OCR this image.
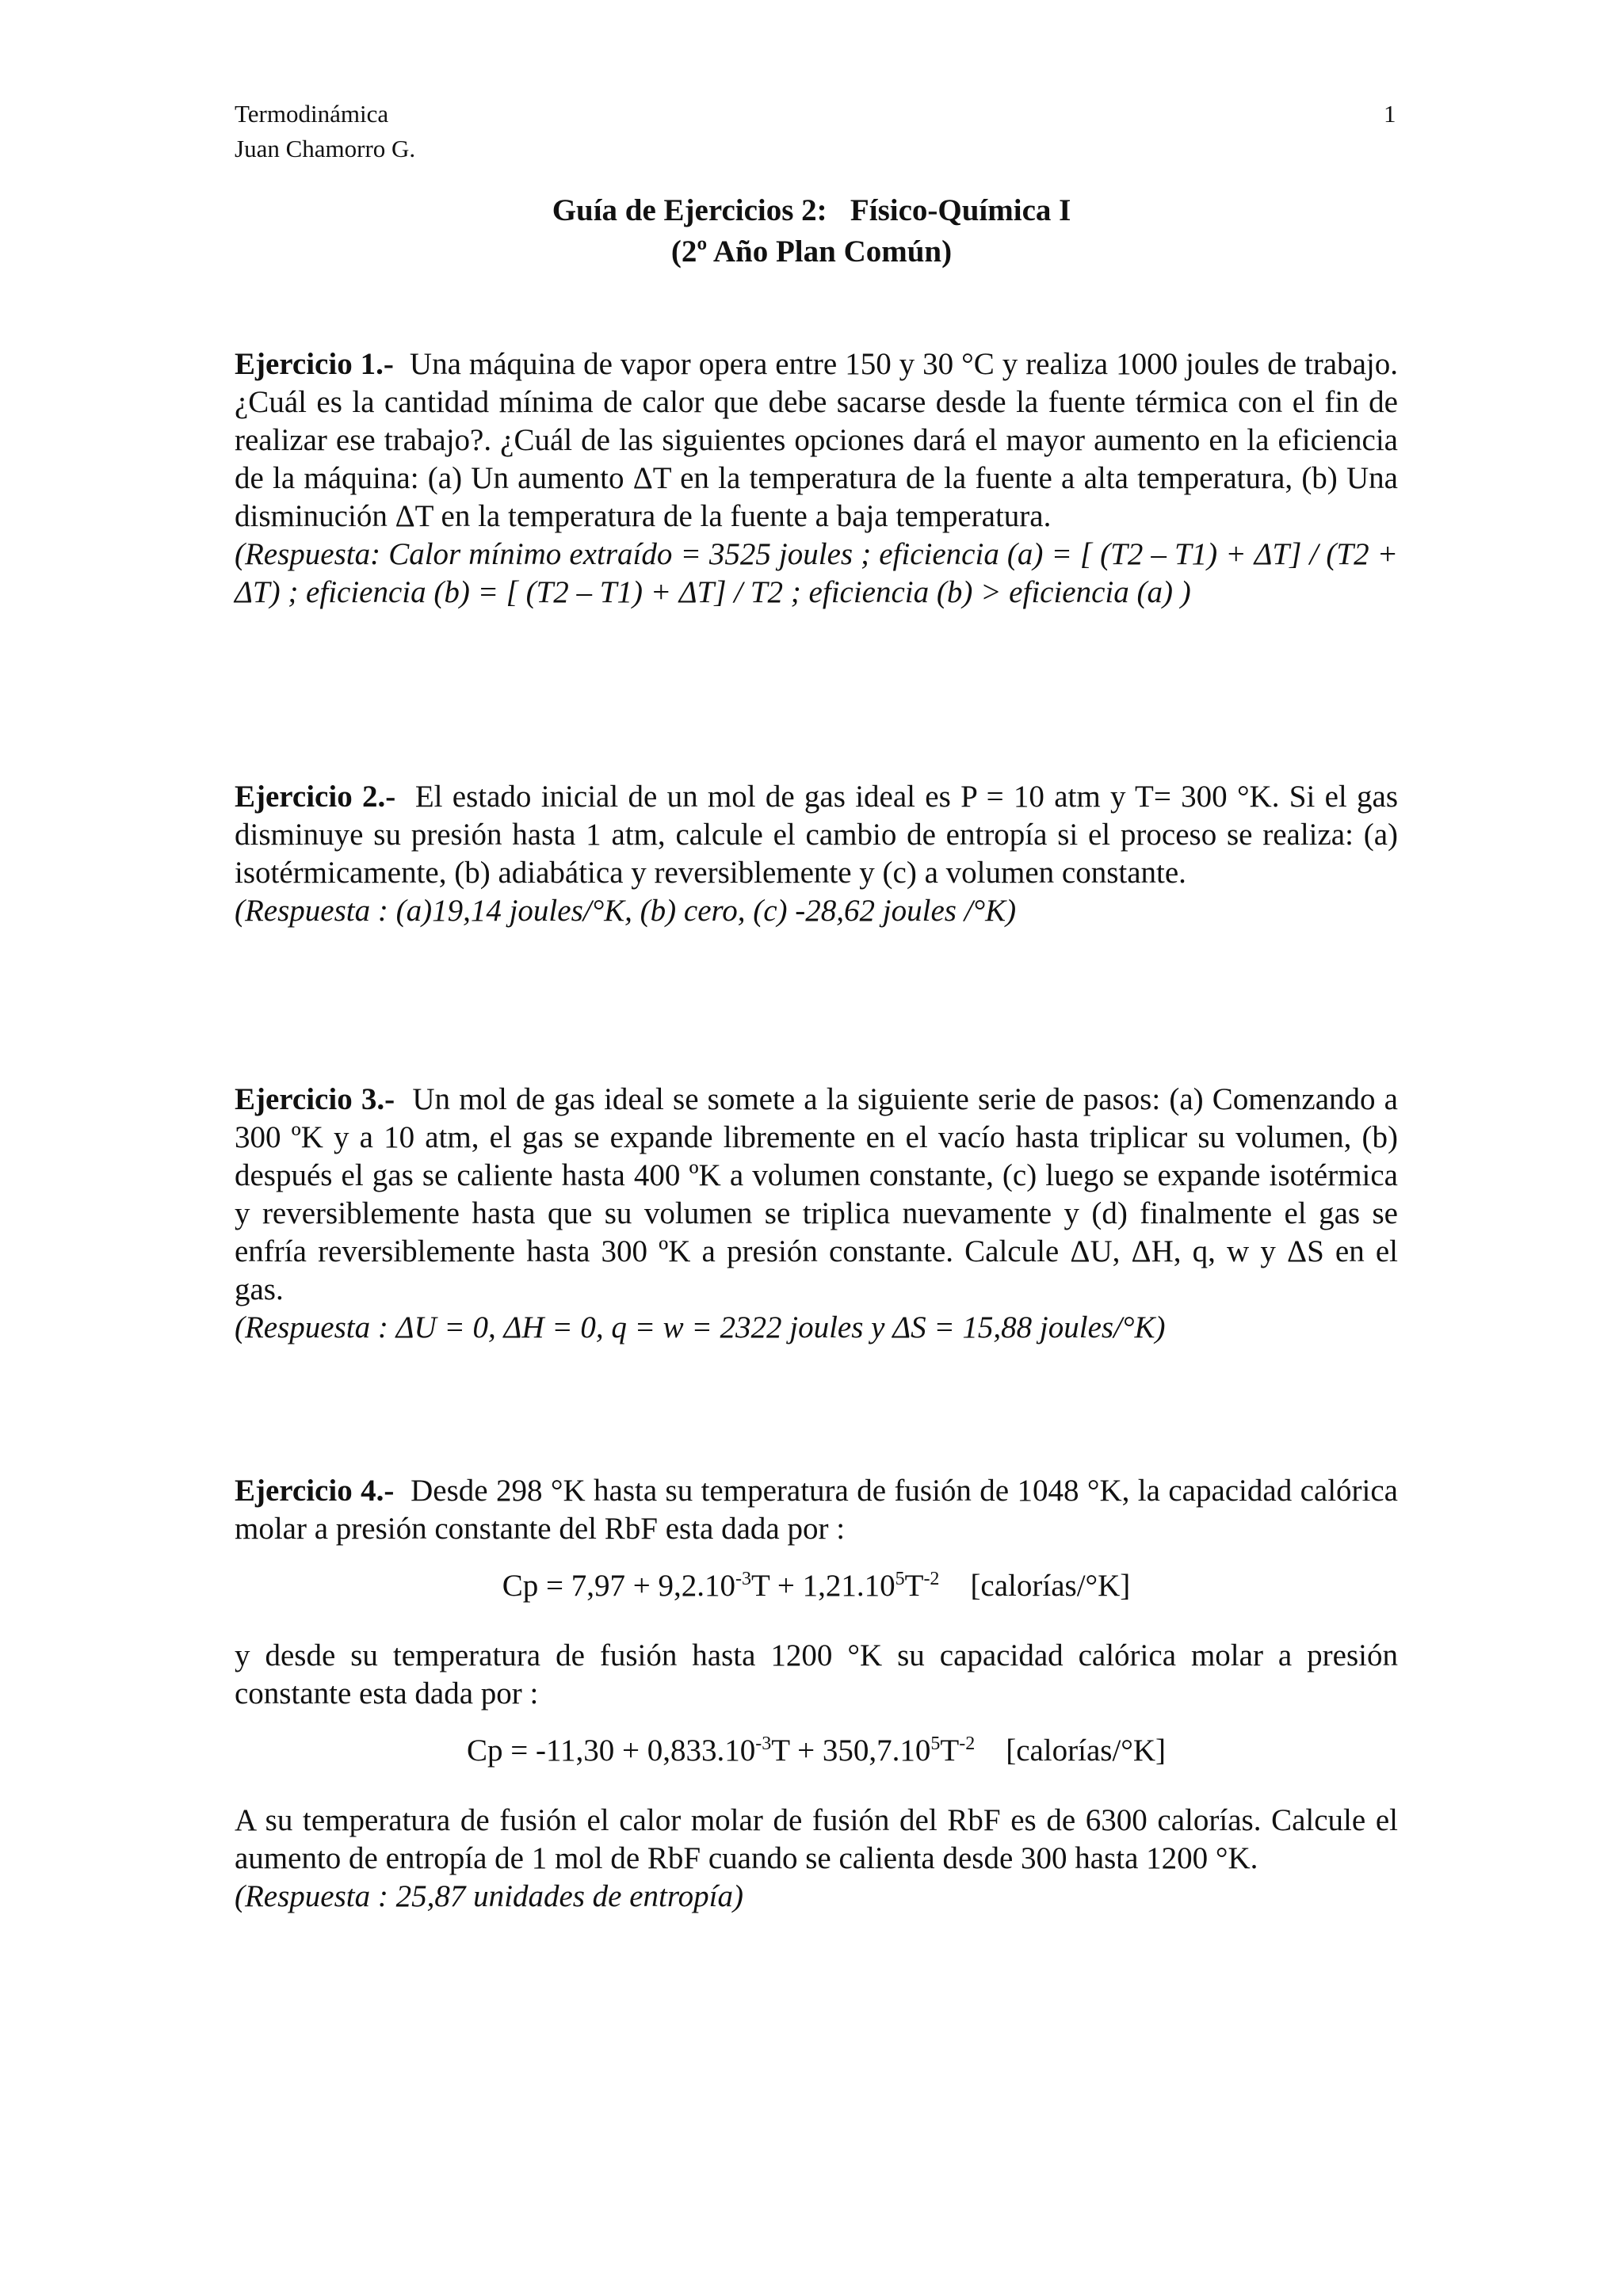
Termodinámica
Juan Chamorro G.
1
Guía de Ejercicios 2:   Físico-Química I
(2º Año Plan Común)

Ejercicio 1.- Una máquina de vapor opera entre 150 y 30 °C y realiza 1000 joules de trabajo. ¿Cuál es la cantidad mínima de calor que debe sacarse desde la fuente térmica con el fin de realizar ese trabajo?. ¿Cuál de las siguientes opciones dará el mayor aumento en la eficiencia de la máquina: (a) Un aumento ΔT en la temperatura de la fuente a alta temperatura, (b) Una disminución ΔT en la temperatura de la fuente a baja temperatura.

(Respuesta: Calor mínimo extraído = 3525 joules ; eficiencia (a) = [ (T2 – T1) + ΔT] / (T2 + ΔT) ; eficiencia (b) = [ (T2 – T1) + ΔT] / T2 ; eficiencia (b) > eficiencia (a) )

Ejercicio 2.- El estado inicial de un mol de gas ideal es P = 10 atm y T= 300 °K. Si el gas disminuye su presión hasta 1 atm, calcule el cambio de entropía si el proceso se realiza: (a) isotérmicamente, (b) adiabática y reversiblemente y (c) a volumen constante.

(Respuesta : (a)19,14 joules/°K, (b) cero, (c) -28,62 joules /°K)

Ejercicio 3.- Un mol de gas ideal se somete a la siguiente serie de pasos: (a) Comenzando a 300 ºK y a 10 atm, el gas se expande libremente en el vacío hasta triplicar su volumen, (b) después el gas se caliente hasta 400 ºK a volumen constante, (c) luego se expande isotérmica y reversiblemente hasta que su volumen se triplica nuevamente y (d) finalmente el gas se enfría reversiblemente hasta 300 ºK a presión constante. Calcule ΔU, ΔH, q, w y ΔS en el gas.

(Respuesta : ΔU = 0, ΔH = 0, q = w = 2322 joules y ΔS = 15,88 joules/°K)

Ejercicio 4.- Desde 298 °K hasta su temperatura de fusión de 1048 °K, la capacidad calórica molar a presión constante del RbF esta dada por :

$Cp = 7,97 + 9,2.10^{-3}T + 1,21.10^5T^{-2}$ [calorías/°K]

y desde su temperatura de fusión hasta 1200 °K su capacidad calórica molar a presión constante esta dada por :

$Cp = -11,30 + 0,833.10^{-3}T + 350,7.10^5T^{-2}$ [calorías/°K]

A su temperatura de fusión el calor molar de fusión del RbF es de 6300 calorías. Calcule el aumento de entropía de 1 mol de RbF cuando se calienta desde 300 hasta 1200 °K.

(Respuesta : 25,87 unidades de entropía)
